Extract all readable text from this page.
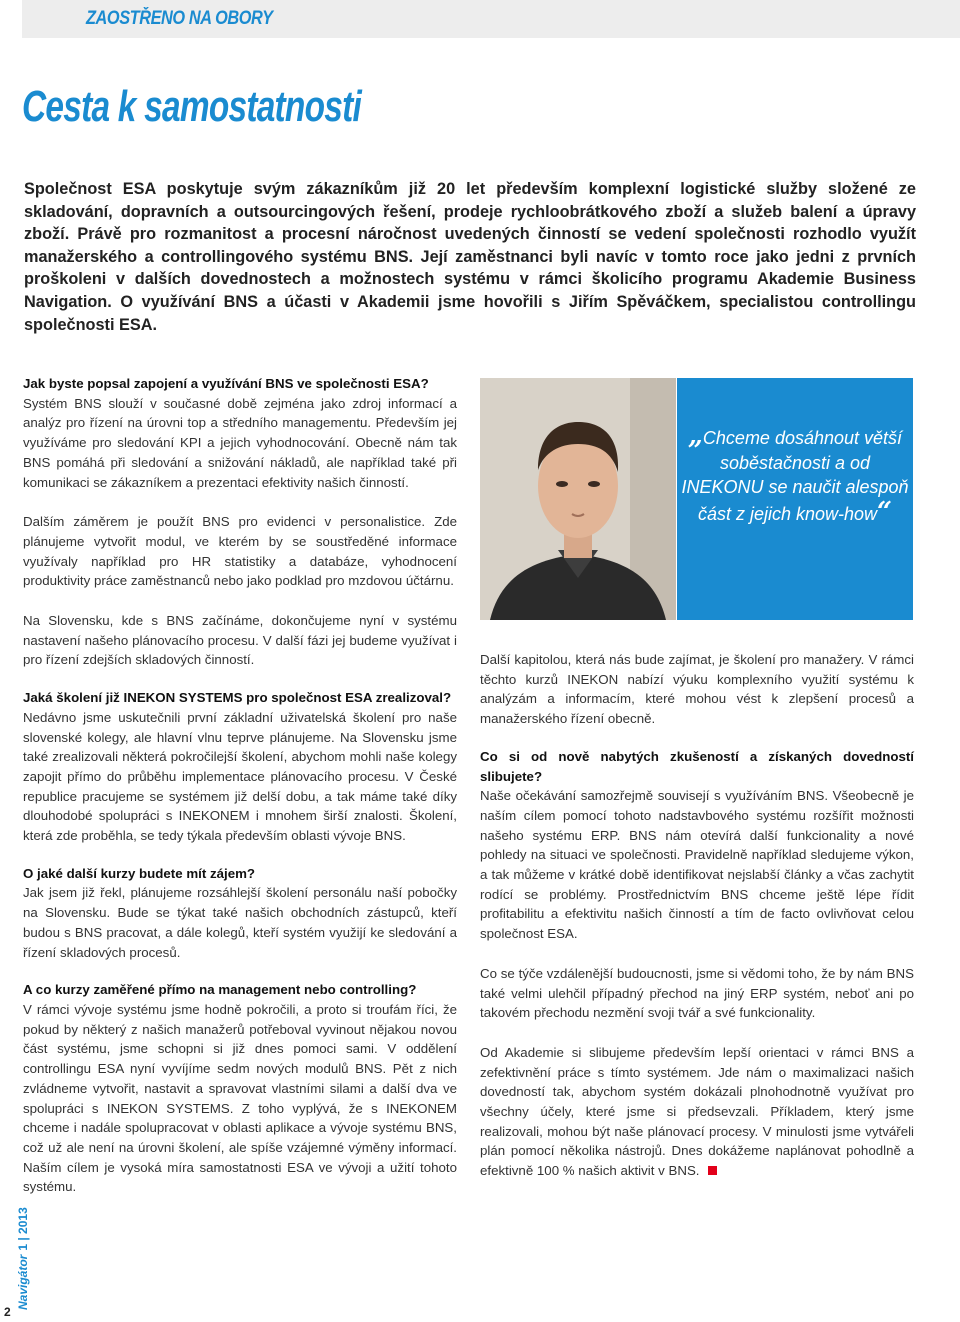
ZAOSTŘENO NA OBORY
Cesta k samostatnosti

Společnost ESA poskytuje svým zákazníkům již 20 let především komplexní logistické služby složené ze skladování, dopravních a outsourcingových řešení, prodeje rychloobrátkového zboží a služeb balení a úpravy zboží. Právě pro rozmanitost a procesní náročnost uvedených činností se vedení společnosti rozhodlo využít manažerského a controllingového systému BNS. Její zaměstnanci byli navíc v tomto roce jako jedni z prvních proškoleni v dalších dovednostech a možnostech systému v rámci školicího programu Akademie Business Navigation. O využívání BNS a účasti v Akademii jsme hovořili s Jiřím Spěváčkem, specialistou controllingu společnosti ESA.

Jak byste popsal zapojení a využívání BNS ve společnosti ESA?

Systém BNS slouží v současné době zejména jako zdroj informací a analýz pro řízení na úrovni top a středního managementu. Především jej využíváme pro sledování KPI a jejich vyhodnocování. Obecně nám tak BNS pomáhá při sledování a snižování nákladů, ale například také při komunikaci se zákazníkem a prezentaci efektivity našich činností.

Dalším záměrem je použít BNS pro evidenci v personalistice. Zde plánujeme vytvořit modul, ve kterém by se soustředěné informace využívaly například pro HR statistiky a databáze, vyhodnocení produktivity práce zaměstnanců nebo jako podklad pro mzdovou účtárnu.

Na Slovensku, kde s BNS začínáme, dokončujeme nyní v systému nastavení našeho plánovacího procesu. V další fázi jej budeme využívat i pro řízení zdejších skladových činností.

Jaká školení již INEKON SYSTEMS pro společnost ESA zrealizoval?

Nedávno jsme uskutečnili první základní uživatelská školení pro naše slovenské kolegy, ale hlavní vlnu teprve plánujeme. Na Slovensku jsme také zrealizovali některá pokročilejší školení, abychom mohli naše kolegy zapojit přímo do průběhu implementace plánovacího procesu. V České republice pracujeme se systémem již delší dobu, a tak máme také díky dlouhodobé spolupráci s INEKONEM i mnohem širší znalosti. Školení, která zde proběhla, se tedy týkala především oblasti vývoje BNS.

O jaké další kurzy budete mít zájem?

Jak jsem již řekl, plánujeme rozsáhlejší školení personálu naší pobočky na Slovensku. Bude se týkat také našich obchodních zástupců, kteří budou s BNS pracovat, a dále kolegů, kteří systém využijí ke sledování a řízení skladových procesů.

A co kurzy zaměřené přímo na management nebo controlling?

V rámci vývoje systému jsme hodně pokročili, a proto si troufám říci, že pokud by některý z našich manažerů potřeboval vyvinout nějakou novou část systému, jsme schopni si již dnes pomoci sami. V oddělení controllingu ESA nyní vyvíjíme sedm nových modulů BNS. Pět z nich zvládneme vytvořit, nastavit a spravovat vlastními silami a další dva ve spolupráci s INEKON SYSTEMS. Z toho vyplývá, že s INEKONEM chceme i nadále spolupracovat v oblasti aplikace a vývoje systému BNS, což už ale není na úrovni školení, ale spíše vzájemné výměny informací. Naším cílem je vysoká míra samostatnosti ESA ve vývoji a užití tohoto systému.

„Chceme dosáhnout větší soběstačnosti a od INEKONU se naučit alespoň část z jejich know-how“

Další kapitolou, která nás bude zajímat, je školení pro manažery. V rámci těchto kurzů INEKON nabízí výuku komplexního využití systému k analýzám a informacím, které mohou vést k zlepšení procesů a manažerského řízení obecně.

Co si od nově nabytých zkušeností a získaných dovedností slibujete?

Naše očekávání samozřejmě souvisejí s využíváním BNS. Všeobecně je naším cílem pomocí tohoto nadstavbového systému rozšířit možnosti našeho systému ERP. BNS nám otevírá další funkcionality a nové pohledy na situaci ve společnosti. Pravidelně například sledujeme výkon, a tak můžeme v krátké době identifikovat nejslabší články a včas zachytit rodící se problémy. Prostřednictvím BNS chceme ještě lépe řídit profitabilitu a efektivitu našich činností a tím de facto ovlivňovat celou společnost ESA.

Co se týče vzdálenější budoucnosti, jsme si vědomi toho, že by nám BNS také velmi ulehčil případný přechod na jiný ERP systém, neboť ani po takovém přechodu nezmění svoji tvář a své funkcionality.

Od Akademie si slibujeme především lepší orientaci v rámci BNS a zefektivnění práce s tímto systémem. Jde nám o maximalizaci našich dovedností tak, abychom systém dokázali plnohodnotně využívat pro všechny účely, které jsme si předsevzali. Příkladem, který jsme realizovali, mohou být naše plánovací procesy. V minulosti jsme vytvářeli plán pomocí několika nástrojů. Dnes dokážeme naplánovat pohodlně a efektivně 100 % našich aktivit v BNS.

Navigátor1 | 2013
2
